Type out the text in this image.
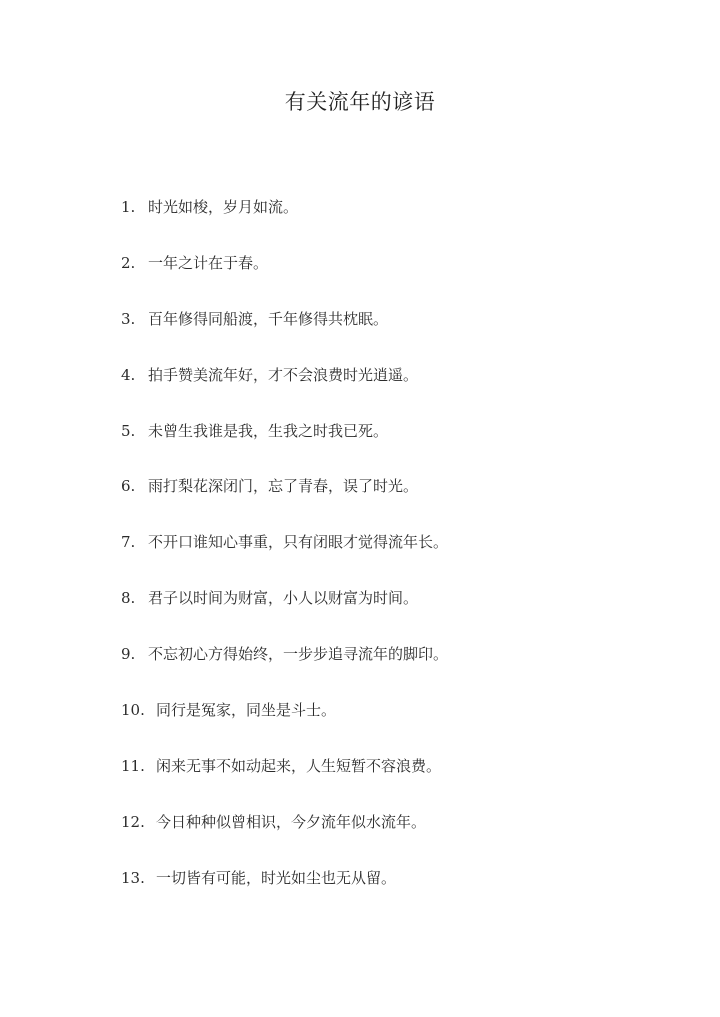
有关流年的谚语
1. 时光如梭，岁月如流。
2. 一年之计在于春。
3. 百年修得同船渡，千年修得共枕眠。
4. 拍手赞美流年好，才不会浪费时光逍遥。
5. 未曾生我谁是我，生我之时我已死。
6. 雨打梨花深闭门，忘了青春，误了时光。
7. 不开口谁知心事重，只有闭眼才觉得流年长。
8. 君子以时间为财富，小人以财富为时间。
9. 不忘初心方得始终，一步步追寻流年的脚印。
10. 同行是冤家，同坐是斗士。
11. 闲来无事不如动起来，人生短暂不容浪费。
12. 今日种种似曾相识，今夕流年似水流年。
13. 一切皆有可能，时光如尘也无从留。
